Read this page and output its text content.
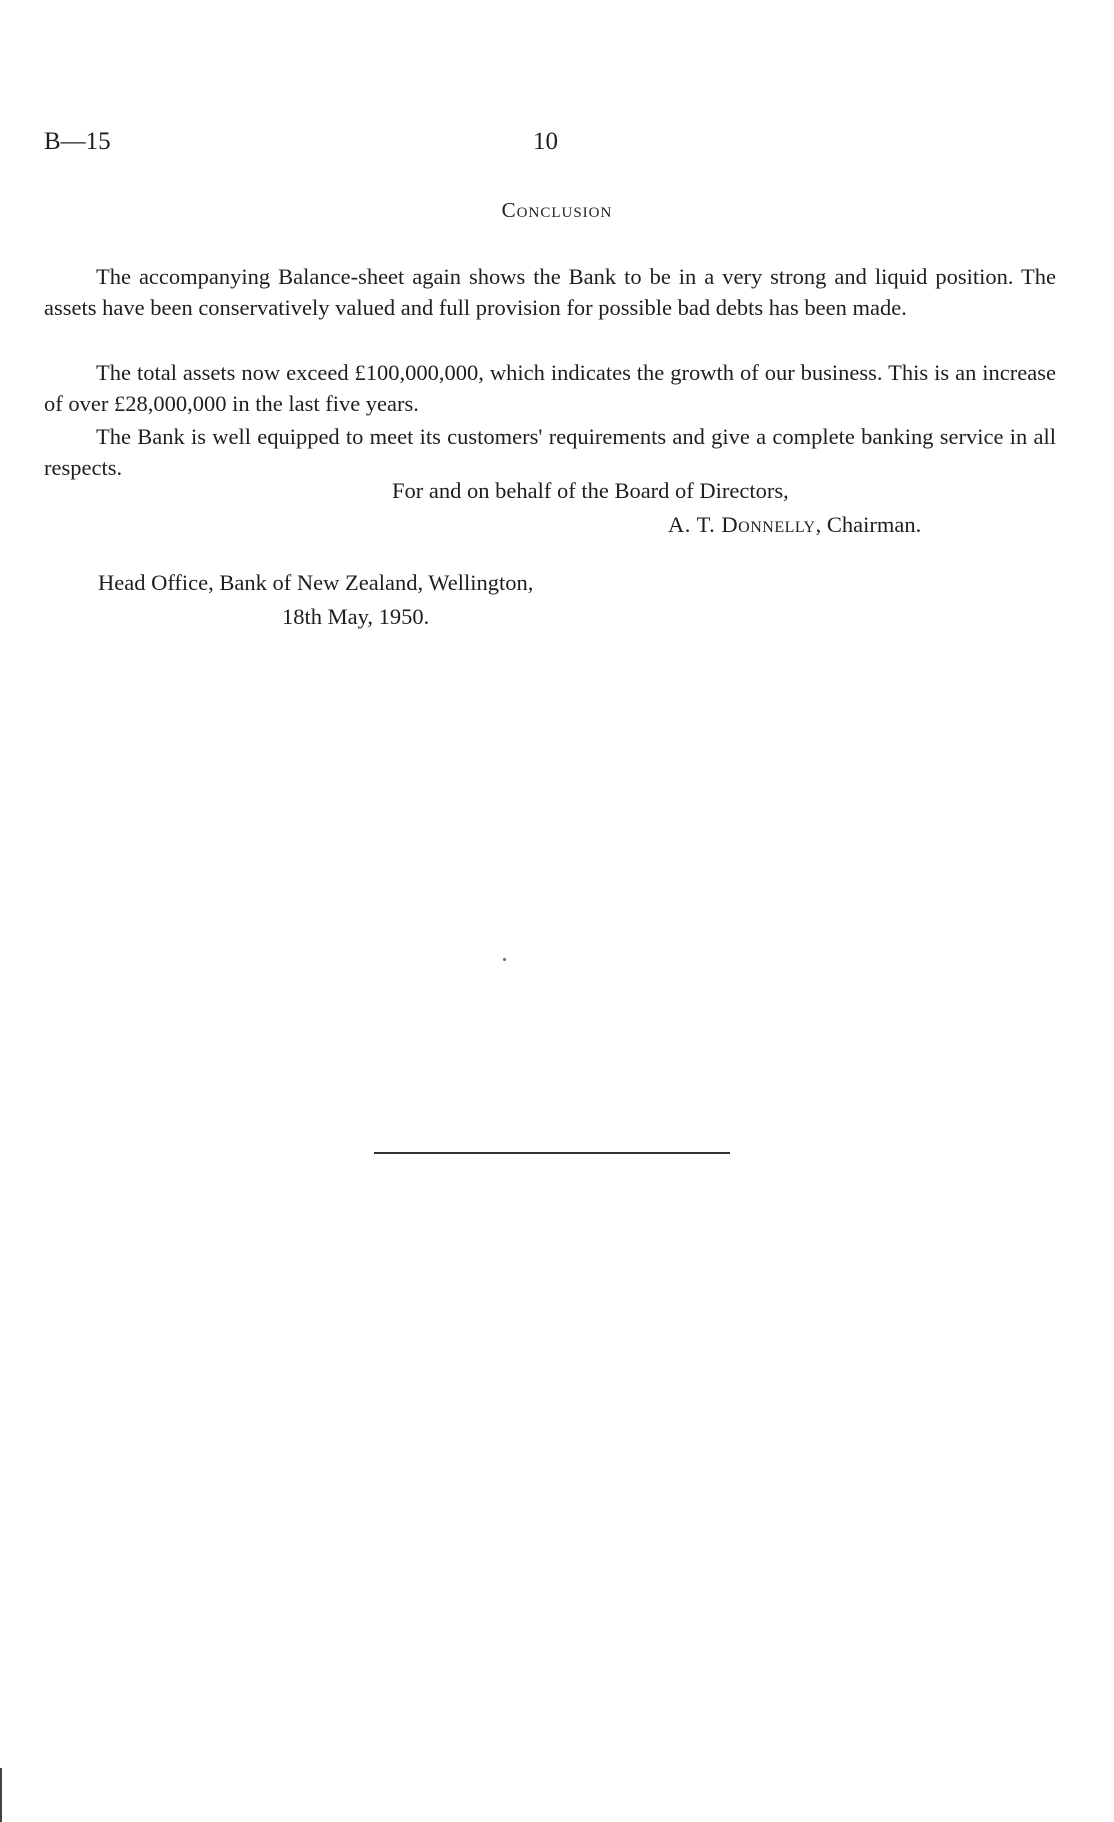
B—15	10
Conclusion

The accompanying Balance-sheet again shows the Bank to be in a very strong and liquid position. The assets have been conservatively valued and full provision for possible bad debts has been made.

The total assets now exceed £100,000,000, which indicates the growth of our business. This is an increase of over £28,000,000 in the last five years.

The Bank is well equipped to meet its customers' requirements and give a complete banking service in all respects.

For and on behalf of the Board of Directors,
A. T. Donnelly, Chairman.
Head Office, Bank of New Zealand, Wellington,
18th May, 1950.
